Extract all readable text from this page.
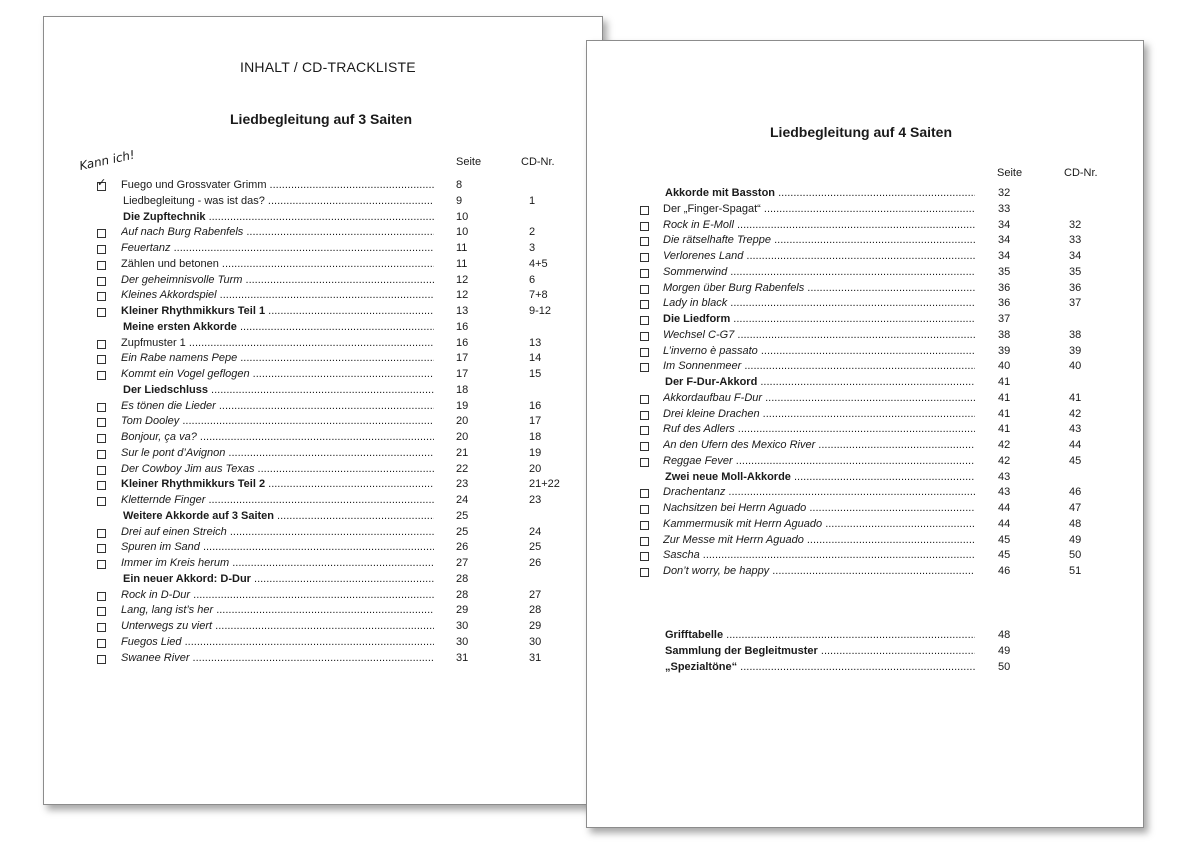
INHALT / CD-TRACKLISTE
Liedbegleitung auf 3 Saiten
Kann ich!	Seite	CD-Nr.
✓ Fuego und Grossvater Grimm .....	8
Liedbegleitung - was ist das? .....	9	1
Die Zupftechnik .....	10
Auf nach Burg Rabenfels .....	10	2
Feuertanz .....	11	3
Zählen und betonen .....	11	4+5
Der geheimnisvolle Turm .....	12	6
Kleines Akkordspiel .....	12	7+8
Kleiner Rhythmikkurs Teil 1 .....	13	9-12
Meine ersten Akkorde .....	16
Zupfmuster 1 .....	16	13
Ein Rabe namens Pepe .....	17	14
Kommt ein Vogel geflogen .....	17	15
Der Liedschluss .....	18
Es tönen die Lieder .....	19	16
Tom Dooley .....	20	17
Bonjour, ça va? .....	20	18
Sur le pont d’Avignon .....	21	19
Der Cowboy Jim aus Texas .....	22	20
Kleiner Rhythmikkurs Teil 2 .....	23	21+22
Kletternde Finger .....	24	23
Weitere Akkorde auf 3 Saiten .....	25
Drei auf einen Streich .....	25	24
Spuren im Sand .....	26	25
Immer im Kreis herum .....	27	26
Ein neuer Akkord: D-Dur .....	28
Rock in D-Dur .....	28	27
Lang, lang ist’s her .....	29	28
Unterwegs zu viert .....	30	29
Fuegos Lied .....	30	30
Swanee River .....	31	31
Liedbegleitung auf 4 Saiten
Seite	CD-Nr.
Akkorde mit Basston .....	32
Der „Finger-Spagat“ .....	33
Rock in E-Moll .....	34	32
Die rätselhafte Treppe .....	34	33
Verlorenes Land .....	34	34
Sommerwind .....	35	35
Morgen über Burg Rabenfels .....	36	36
Lady in black .....	36	37
Die Liedform .....	37
Wechsel C-G7 .....	38	38
L’inverno è passato .....	39	39
Im Sonnenmeer .....	40	40
Der F-Dur-Akkord .....	41
Akkordaufbau F-Dur .....	41	41
Drei kleine Drachen .....	41	42
Ruf des Adlers .....	41	43
An den Ufern des Mexico River .....	42	44
Reggae Fever .....	42	45
Zwei neue Moll-Akkorde .....	43
Drachentanz .....	43	46
Nachsitzen bei Herrn Aguado .....	44	47
Kammermusik mit Herrn Aguado .....	44	48
Zur Messe mit Herrn Aguado .....	45	49
Sascha .....	45	50
Don’t worry, be happy .....	46	51
Grifftabelle .....	48
Sammlung der Begleitmuster .....	49
„Spezialtöne“ .....	50
